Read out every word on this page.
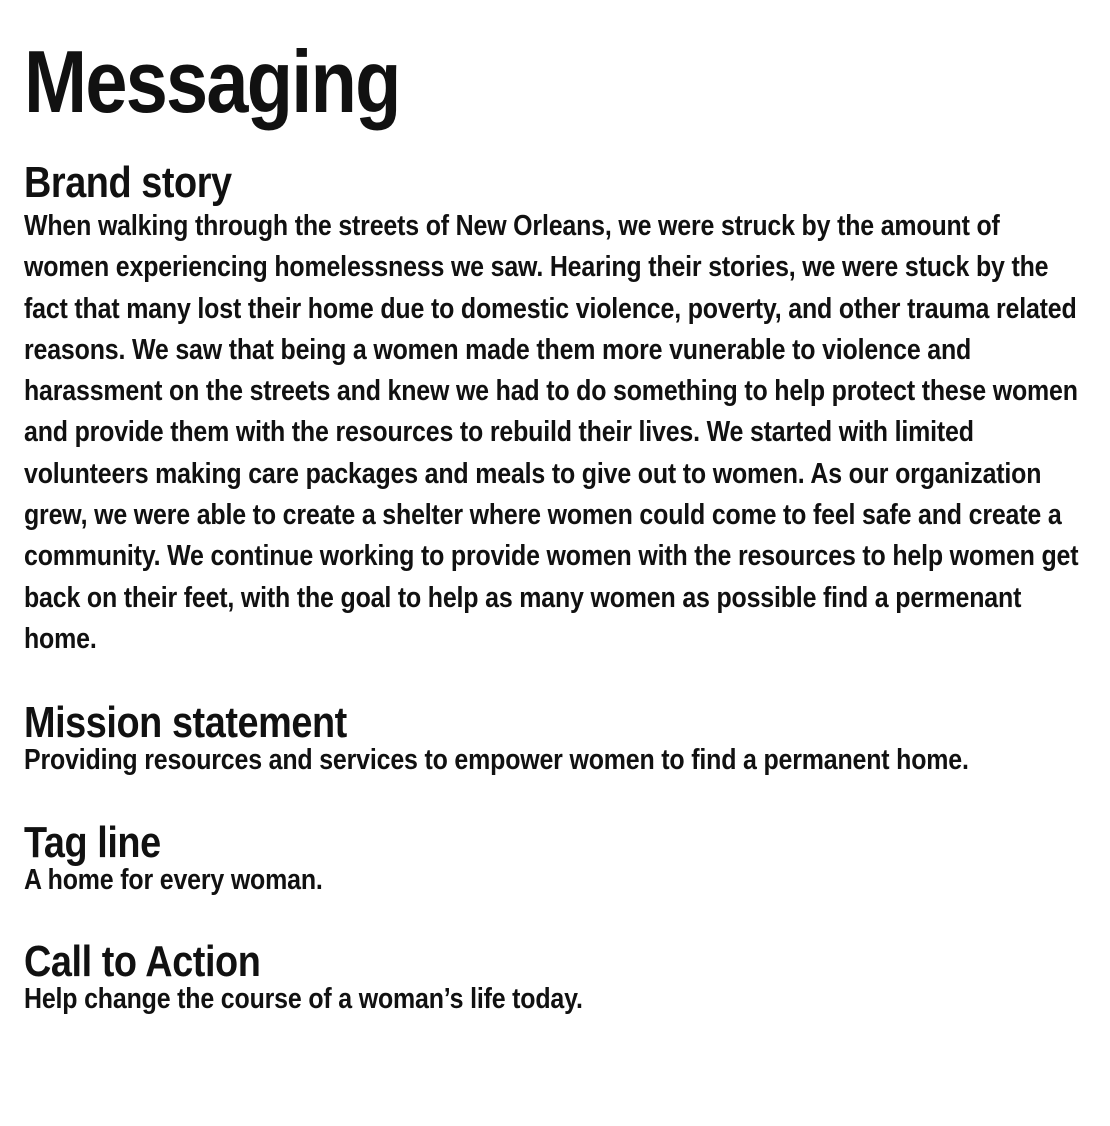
Messaging
Brand story

When walking through the streets of New Orleans, we were struck by the amount of women experiencing homelessness we saw. Hearing their stories, we were stuck by the fact that many lost their home due to domestic violence, poverty, and other trauma related reasons. We saw that being a women made them more vunerable to violence and harassment on the streets and knew we had to do something to help protect these women and provide them with the resources to rebuild their lives. We started with limited volunteers making care packages and meals to give out to women. As our organization grew, we were able to create a shelter where women could come to feel safe and create a community. We continue working to provide women with the resources to help women get back on their feet, with the goal to help as many women as possible find a permenant home.

Mission statement

Providing resources and services to empower women to find a permanent home.

Tag line

A home for every woman.

Call to Action

Help change the course of a woman’s life today.
